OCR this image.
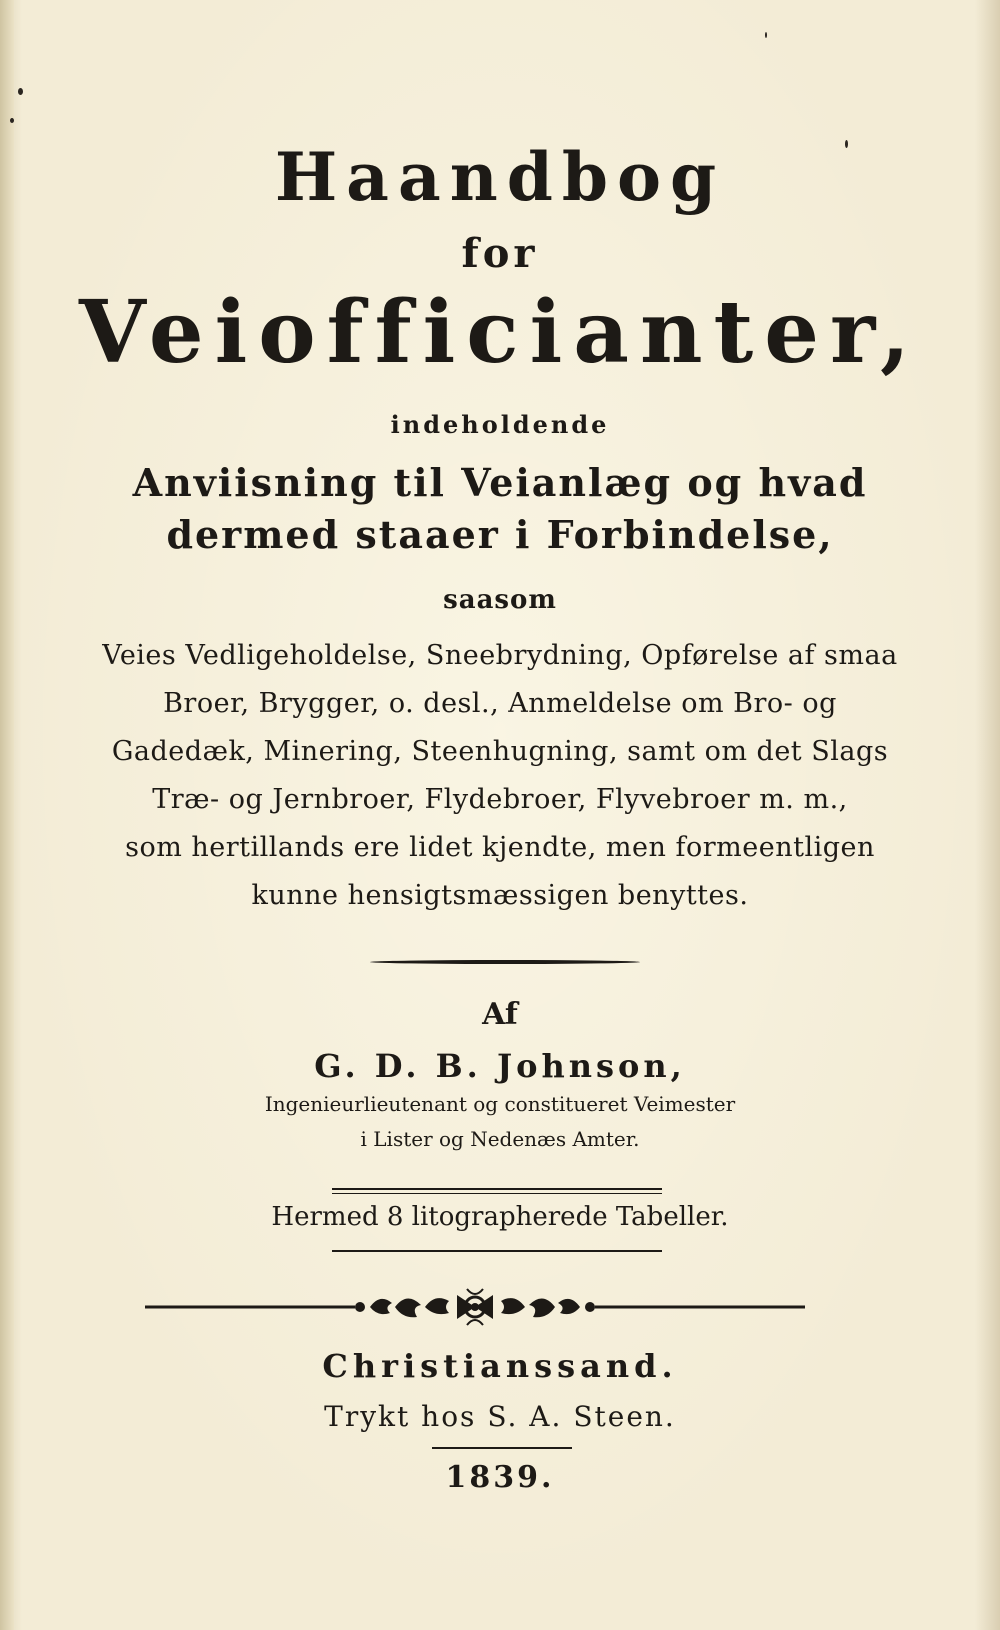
Haandbog
for
Veiofficianter,
indeholdende
Anviisning til Veianlæg og hvad
dermed staaer i Forbindelse,
saasom
Veies Vedligeholdelse, Sneebrydning, Opførelse af smaa
Broer, Brygger, o. desl., Anmeldelse om Bro- og
Gadedæk, Minering, Steenhugning, samt om det Slags
Træ- og Jernbroer, Flydebroer, Flyvebroer m. m.,
som hertillands ere lidet kjendte, men formeentligen
kunne hensigtsmæssigen benyttes.
Af
G. D. B. Johnson,
Ingenieurlieutenant og constitueret Veimester
i Lister og Nedenæs Amter.
Hermed 8 litographerede Tabeller.
Christianssand.
Trykt hos S. A. Steen.
1839.
